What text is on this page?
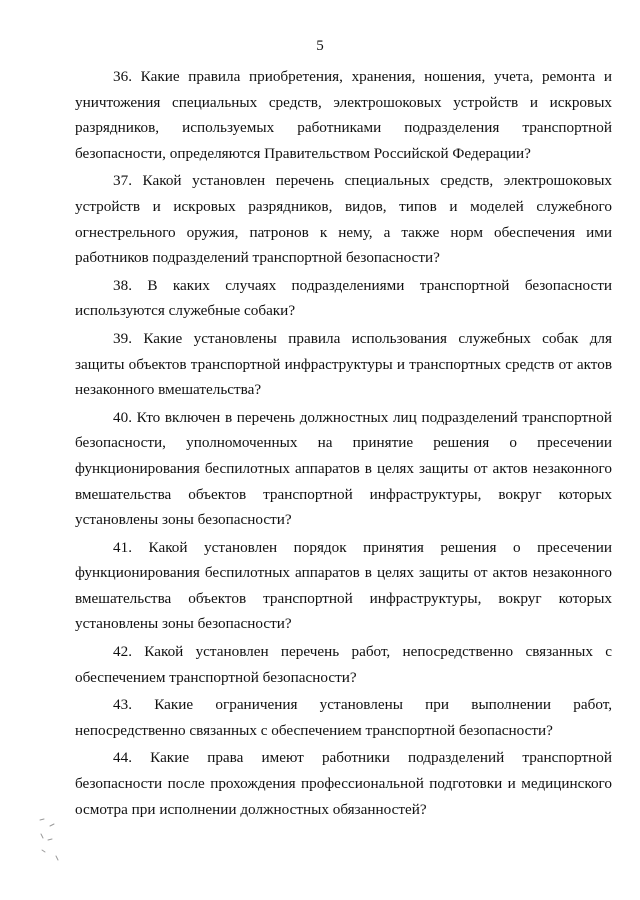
5

36. Какие правила приобретения, хранения, ношения, учета, ремонта и уничтожения специальных средств, электрошоковых устройств и искровых разрядников, используемых работниками подразделения транспортной безопасности, определяются Правительством Российской Федерации?

37. Какой установлен перечень специальных средств, электрошоковых устройств и искровых разрядников, видов, типов и моделей служебного огнестрельного оружия, патронов к нему, а также норм обеспечения ими работников подразделений транспортной безопасности?

38. В каких случаях подразделениями транспортной безопасности используются служебные собаки?

39. Какие установлены правила использования служебных собак для защиты объектов транспортной инфраструктуры и транспортных средств от актов незаконного вмешательства?

40. Кто включен в перечень должностных лиц подразделений транспортной безопасности, уполномоченных на принятие решения о пресечении функционирования беспилотных аппаратов в целях защиты от актов незаконного вмешательства объектов транспортной инфраструктуры, вокруг которых установлены зоны безопасности?

41. Какой установлен порядок принятия решения о пресечении функционирования беспилотных аппаратов в целях защиты от актов незаконного вмешательства объектов транспортной инфраструктуры, вокруг которых установлены зоны безопасности?

42. Какой установлен перечень работ, непосредственно связанных с обеспечением транспортной безопасности?

43. Какие ограничения установлены при выполнении работ, непосредственно связанных с обеспечением транспортной безопасности?

44. Какие права имеют работники подразделений транспортной безопасности после прохождения профессиональной подготовки и медицинского осмотра при исполнении должностных обязанностей?
